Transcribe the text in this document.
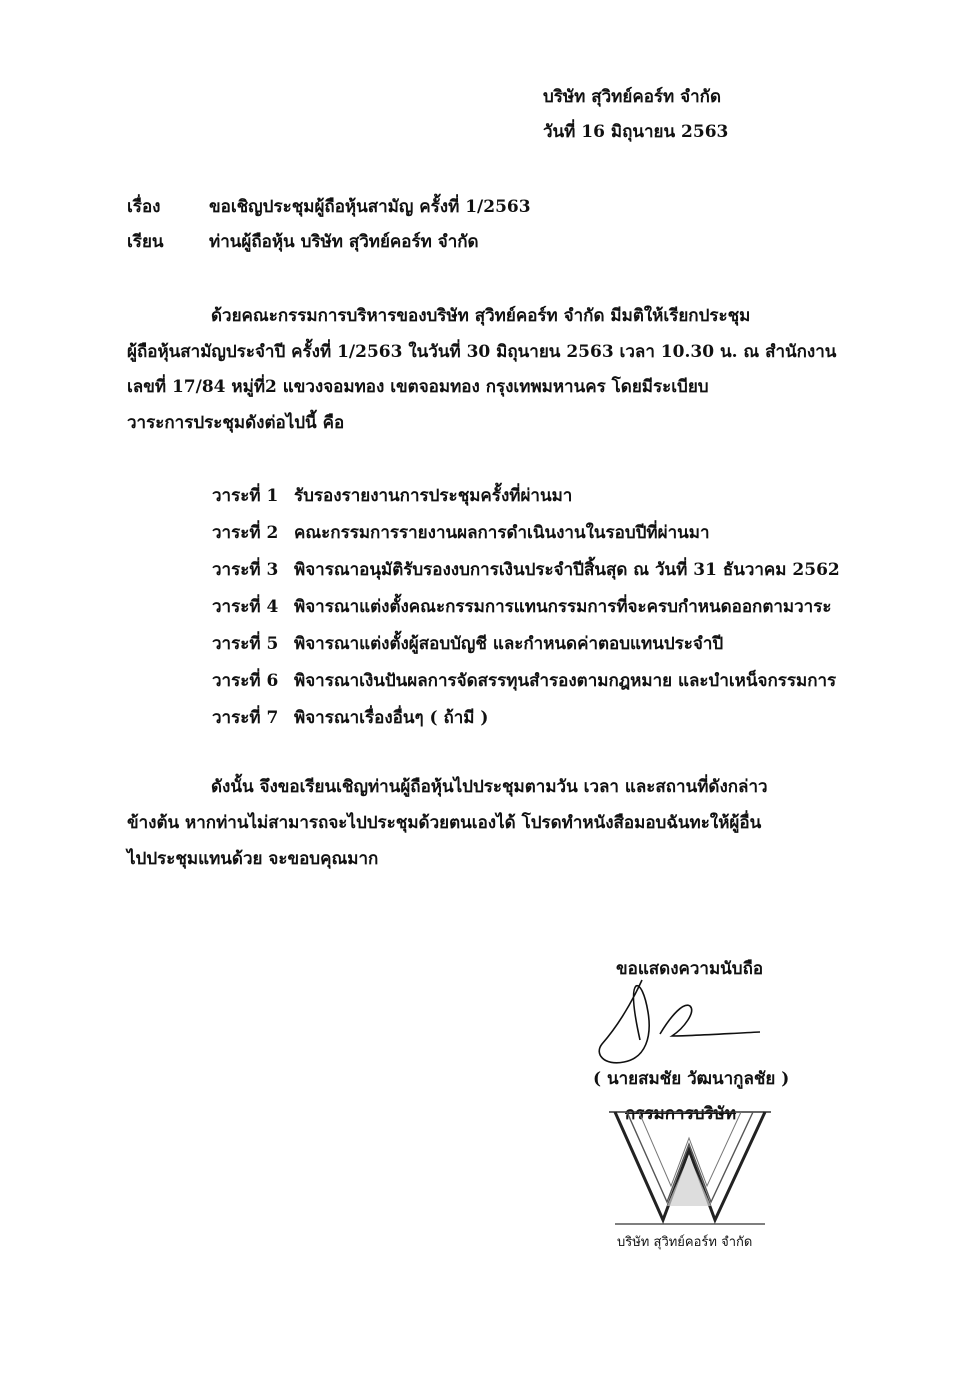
บริษัท สุวิทย์คอร์ท จำกัด
วันที่ 16 มิถุนายน 2563
เรื่อง	ขอเชิญประชุมผู้ถือหุ้นสามัญ ครั้งที่ 1/2563
เรียน	ท่านผู้ถือหุ้น บริษัท สุวิทย์คอร์ท จำกัด
ด้วยคณะกรรมการบริหารของบริษัท สุวิทย์คอร์ท จำกัด มีมติให้เรียกประชุม
ผู้ถือหุ้นสามัญประจำปี ครั้งที่ 1/2563 ในวันที่ 30 มิถุนายน 2563 เวลา 10.30 น. ณ สำนักงาน
เลขที่ 17/84 หมู่ที่2 แขวงจอมทอง เขตจอมทอง กรุงเทพมหานคร โดยมีระเบียบ
วาระการประชุมดังต่อไปนี้ คือ
วาระที่ 1 รับรองรายงานการประชุมครั้งที่ผ่านมา
วาระที่ 2 คณะกรรมการรายงานผลการดำเนินงานในรอบปีที่ผ่านมา
วาระที่ 3 พิจารณาอนุมัติรับรองงบการเงินประจำปีสิ้นสุด ณ วันที่ 31 ธันวาคม 2562
วาระที่ 4 พิจารณาแต่งตั้งคณะกรรมการแทนกรรมการที่จะครบกำหนดออกตามวาระ
วาระที่ 5 พิจารณาแต่งตั้งผู้สอบบัญชี และกำหนดค่าตอบแทนประจำปี
วาระที่ 6 พิจารณาเงินปันผลการจัดสรรทุนสำรองตามกฎหมาย และบำเหน็จกรรมการ
วาระที่ 7 พิจารณาเรื่องอื่นๆ ( ถ้ามี )
ดังนั้น จึงขอเรียนเชิญท่านผู้ถือหุ้นไปประชุมตามวัน เวลา และสถานที่ดังกล่าว
ข้างต้น หากท่านไม่สามารถจะไปประชุมด้วยตนเองได้ โปรดทำหนังสือมอบฉันทะให้ผู้อื่น
ไปประชุมแทนด้วย จะขอบคุณมาก
ขอแสดงความนับถือ
( นายสมชัย วัฒนากูลชัย )
กรรมการบริษัท
บริษัท สุวิทย์คอร์ท จำกัด
